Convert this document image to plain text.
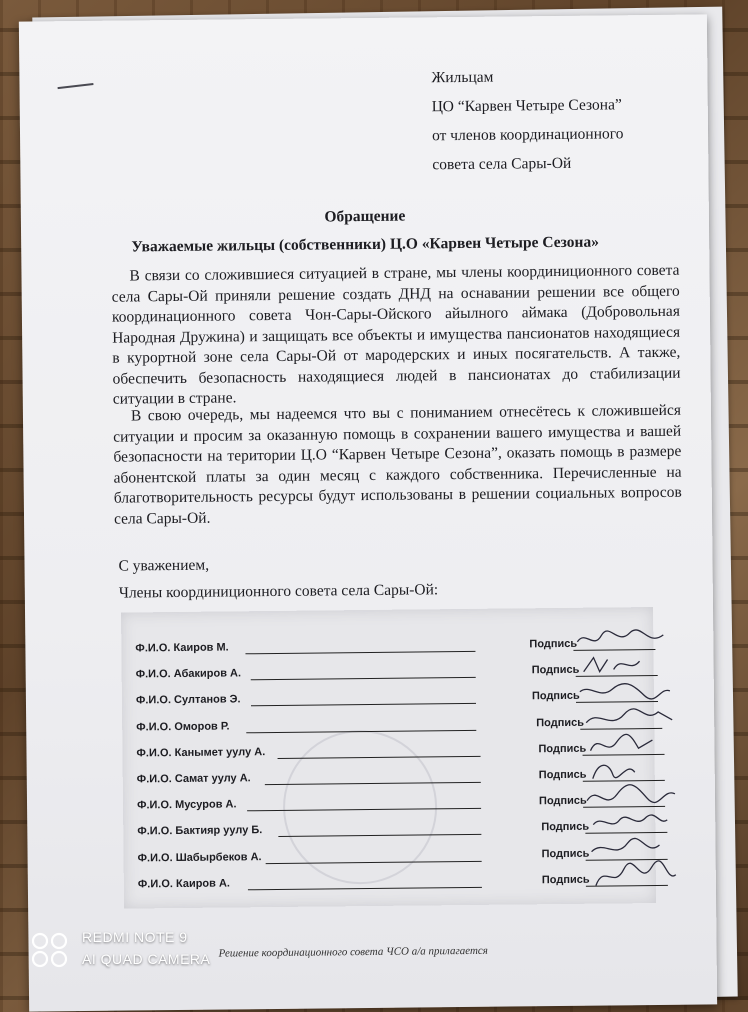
Жильцам
ЦО “Карвен Четыре Сезона”
от членов координационного
совета села Сары-Ой
Обращение
Уважаемые жильцы (собственники) Ц.О «Карвен Четыре Сезона»

В связи со сложившиеся ситуацией в стране, мы члены координиционного совета села Сары-Ой приняли решение создать ДНД на оснавании решении все общего координационного совета Чон-Сары-Ойского айылного аймака (Добровольная Народная Дружина) и защищать все объекты и имущества пансионатов находящиеся в курортной зоне села Сары-Ой от мародерских и иных посягательств. А также, обеспечить безопасность находящиеся людей в пансионатах до стабилизации ситуации в стране.

В свою очередь, мы надеемся что вы с пониманием отнесётесь к сложившейся ситуации и просим за оказанную помощь в сохранении вашего имущества и вашей безопасности на територии Ц.О “Карвен Четыре Сезона”, оказать помощь в размере абонентской платы за один месяц с каждого собственника. Перечисленные на благотворительность ресурсы будут использованы в решении социальных вопросов села Сары-Ой.

С уважением,
Члены координиционного совета села Сары-Ой:
Ф.И.О. Каиров М.	Подпись
Ф.И.О. Абакиров А.	Подпись
Ф.И.О. Султанов Э.	Подпись
Ф.И.О. Оморов Р.	Подпись
Ф.И.О. Канымет уулу А.	Подпись
Ф.И.О. Самат уулу А.	Подпись
Ф.И.О. Мусуров А.	Подпись
Ф.И.О. Бактияр уулу Б.	Подпись
Ф.И.О. Шабырбеков А.	Подпись
Ф.И.О. Каиров А.	Подпись
Решение координационного совета ЧСО а/а прилагается
REDMI NOTE 9
AI QUAD CAMERA
